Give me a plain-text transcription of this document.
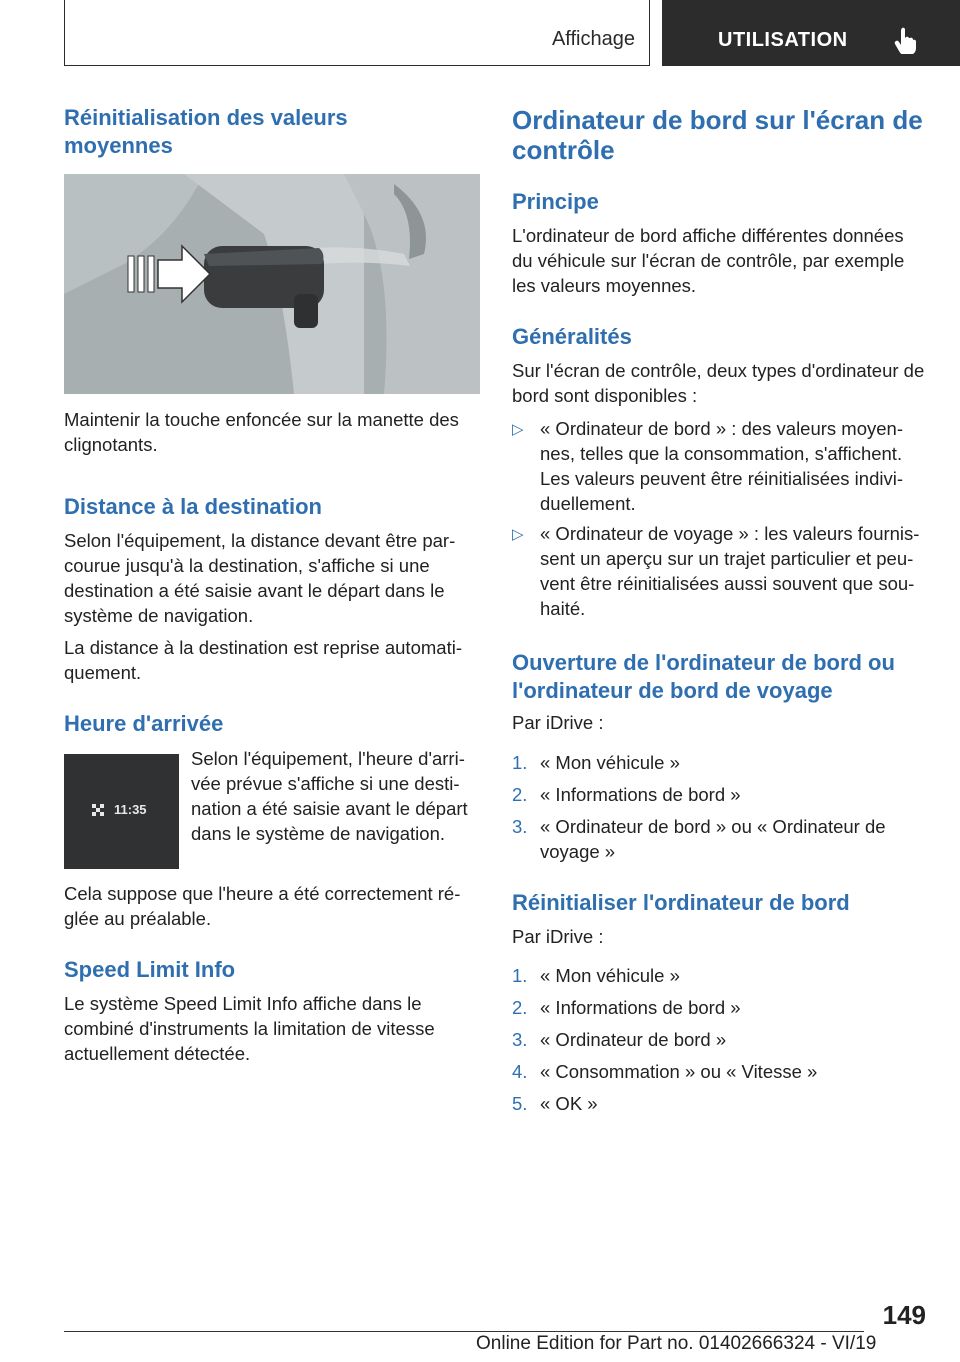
Affichage	UTILISATION
Réinitialisation des valeurs moyennes

Maintenir la touche enfoncée sur la manette des clignotants.

Distance à la destination

Selon l'équipement, la distance devant être parcourue jusqu'à la destination, s'affiche si une destination a été saisie avant le départ dans le système de navigation.

La distance à la destination est reprise automatiquement.

Heure d'arrivée
11:35

Selon l'équipement, l'heure d'arrivée prévue s'affiche si une destination a été saisie avant le départ dans le système de navigation.

Cela suppose que l'heure a été correctement réglée au préalable.

Speed Limit Info

Le système Speed Limit Info affiche dans le combiné d'instruments la limitation de vitesse actuellement détectée.

Ordinateur de bord sur l'écran de contrôle
Principe

L'ordinateur de bord affiche différentes données du véhicule sur l'écran de contrôle, par exemple les valeurs moyennes.

Généralités

Sur l'écran de contrôle, deux types d'ordinateur de bord sont disponibles :

▷ « Ordinateur de bord » : des valeurs moyennes, telles que la consommation, s'affichent. Les valeurs peuvent être réinitialisées individuellement.

▷ « Ordinateur de voyage » : les valeurs fournissent un aperçu sur un trajet particulier et peuvent être réinitialisées aussi souvent que souhaité.

Ouverture de l'ordinateur de bord ou l'ordinateur de bord de voyage

Par iDrive :

1. « Mon véhicule »

2. « Informations de bord »

3. « Ordinateur de bord » ou « Ordinateur de voyage »

Réinitialiser l'ordinateur de bord

Par iDrive :

1. « Mon véhicule »

2. « Informations de bord »

3. « Ordinateur de bord »

4. « Consommation » ou « Vitesse »

5. « OK »

149
Online Edition for Part no. 01402666324 - VI/19
